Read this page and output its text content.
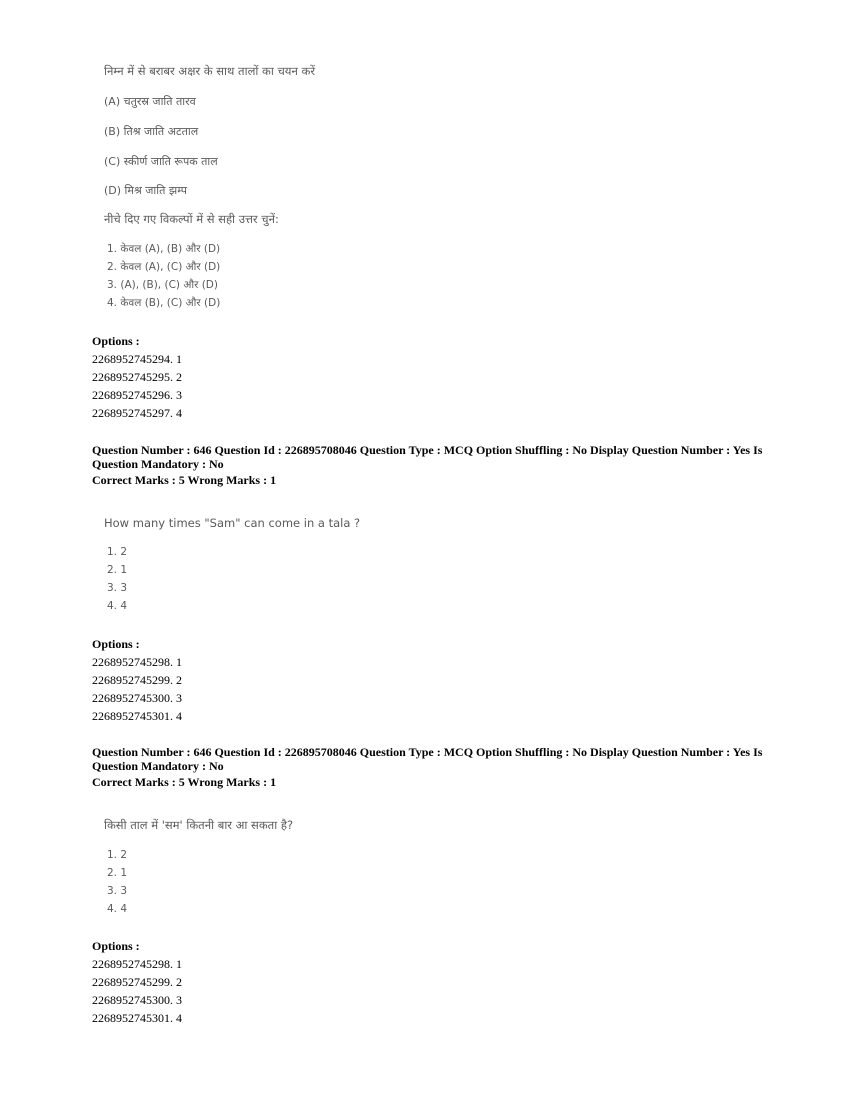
निम्न में से बराबर अक्षर के साथ तालों का चयन करें
(A) चतुरस्र जाति तारव
(B) तिश्र जाति अटताल
(C) स्कीर्ण जाति रूपक ताल
(D) मिश्र जाति झम्प
नीचे दिए गए विकल्पों में से सही उत्तर चुनें:
1. केवल (A), (B) और (D)
2. केवल (A), (C) और (D)
3. (A), (B), (C) और (D)
4. केवल (B), (C) और (D)
Options :
2268952745294. 1
2268952745295. 2
2268952745296. 3
2268952745297. 4
Question Number : 646 Question Id : 226895708046 Question Type : MCQ Option Shuffling : No Display Question Number : Yes Is Question Mandatory : No
Correct Marks : 5 Wrong Marks : 1
How many times "Sam" can come in a tala ?
1. 2
2. 1
3. 3
4. 4
Options :
2268952745298. 1
2268952745299. 2
2268952745300. 3
2268952745301. 4
Question Number : 646 Question Id : 226895708046 Question Type : MCQ Option Shuffling : No Display Question Number : Yes Is Question Mandatory : No
Correct Marks : 5 Wrong Marks : 1
किसी ताल में 'सम' कितनी बार आ सकता है?
1. 2
2. 1
3. 3
4. 4
Options :
2268952745298. 1
2268952745299. 2
2268952745300. 3
2268952745301. 4
